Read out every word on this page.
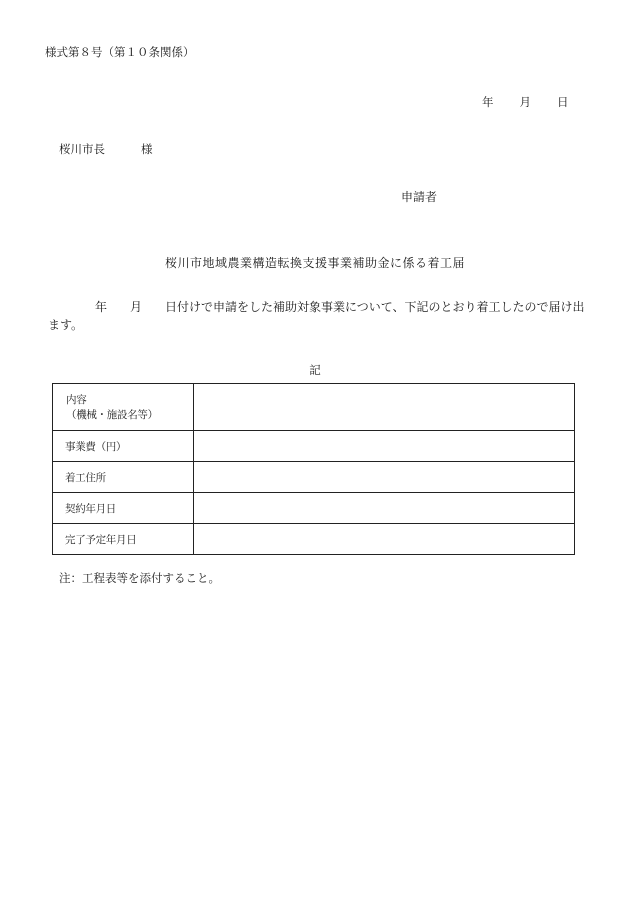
様式第８号（第１０条関係）
年 月 日
桜川市長	様
申請者
桜川市地域農業構造転換支援事業補助金に係る着工届
年 月 日付けで申請をした補助対象事業について、下記のとおり着工したので届け出ます。
記
内容
（機械・施設名等）	

事業費（円）	
着工住所	
契約年月日	
完了予定年月日	
注：工程表等を添付すること。
